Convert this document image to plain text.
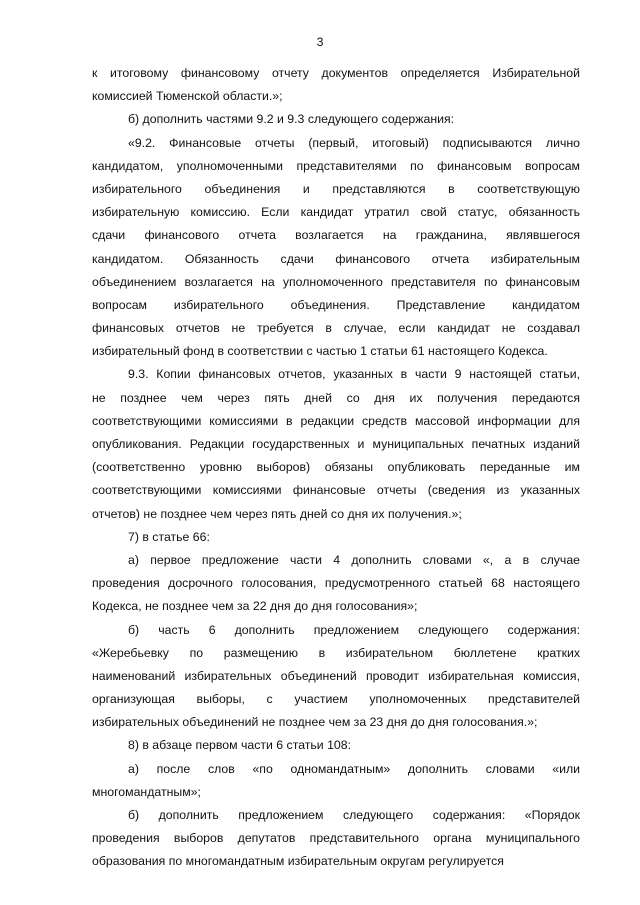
3
к итоговому финансовому отчету документов определяется Избирательной
комиссией Тюменской области.»;
б) дополнить частями 9.2 и 9.3 следующего содержания:
«9.2. Финансовые отчеты (первый, итоговый) подписываются лично
кандидатом, уполномоченными представителями по финансовым вопросам
избирательного объединения и представляются в соответствующую
избирательную комиссию. Если кандидат утратил свой статус, обязанность
сдачи финансового отчета возлагается на гражданина, являвшегося
кандидатом. Обязанность сдачи финансового отчета избирательным
объединением возлагается на уполномоченного представителя по финансовым
вопросам избирательного объединения. Представление кандидатом
финансовых отчетов не требуется в случае, если кандидат не создавал
избирательный фонд в соответствии с частью 1 статьи 61 настоящего Кодекса.
9.3. Копии финансовых отчетов, указанных в части 9 настоящей статьи,
не позднее чем через пять дней со дня их получения передаются
соответствующими комиссиями в редакции средств массовой информации для
опубликования. Редакции государственных и муниципальных печатных изданий
(соответственно уровню выборов) обязаны опубликовать переданные им
соответствующими комиссиями финансовые отчеты (сведения из указанных
отчетов) не позднее чем через пять дней со дня их получения.»;
7) в статье 66:
а) первое предложение части 4 дополнить словами «, а в случае
проведения досрочного голосования, предусмотренного статьей 68 настоящего
Кодекса, не позднее чем за 22 дня до дня голосования»;
б) часть 6 дополнить предложением следующего содержания:
«Жеребьевку по размещению в избирательном бюллетене кратких
наименований избирательных объединений проводит избирательная комиссия,
организующая выборы, с участием уполномоченных представителей
избирательных объединений не позднее чем за 23 дня до дня голосования.»;
8) в абзаце первом части 6 статьи 108:
а) после слов «по одномандатным» дополнить словами «или
многомандатным»;
б) дополнить предложением следующего содержания: «Порядок
проведения выборов депутатов представительного органа муниципального
образования по многомандатным избирательным округам регулируется
